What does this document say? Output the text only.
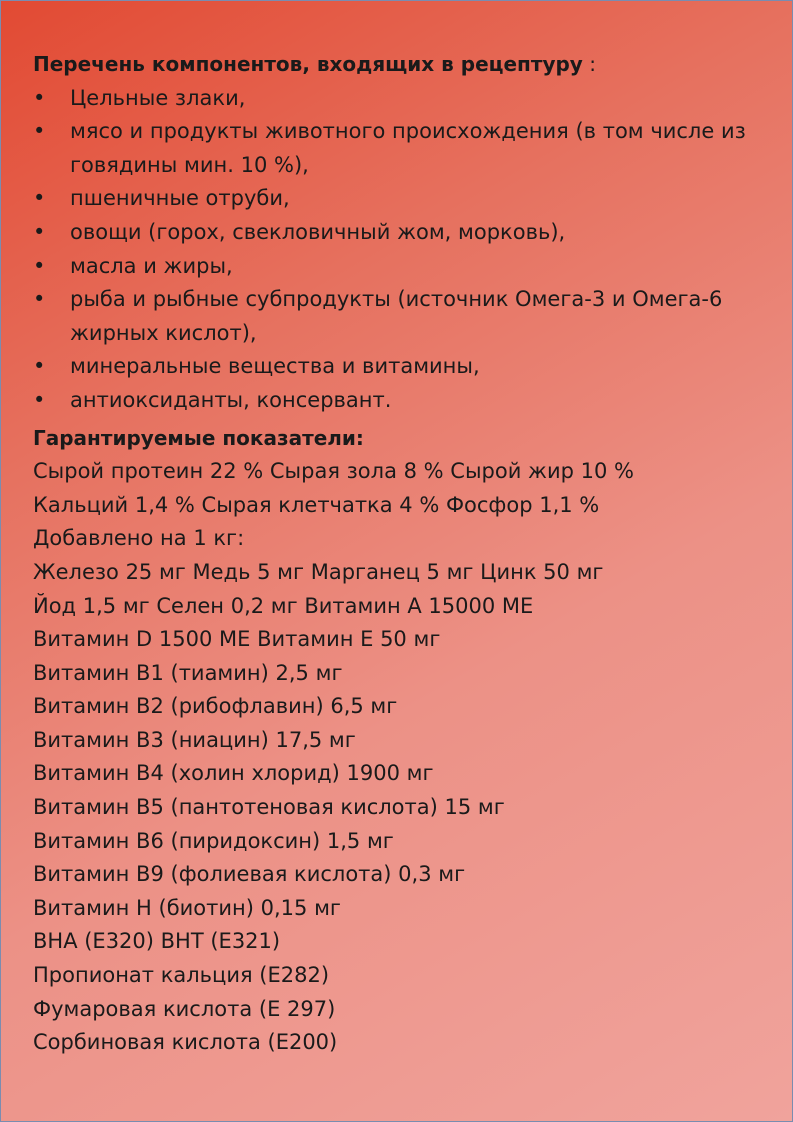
Перечень компонентов, входящих в рецептуру :

• Цельные злаки,
• мясо и продукты животного происхождения (в том числе из говядины мин. 10 %),
• пшеничные отруби,
• овощи (горох, свекловичный жом, морковь),
• масла и жиры,
• рыба и рыбные субпродукты (источник Омега-3 и Омега-6 жирных кислот),
• минеральные вещества и витамины,
• антиоксиданты, консервант.

Гарантируемые показатели:

Сырой протеин 22 % Сырая зола 8 % Сырой жир 10 %
Кальций 1,4 % Сырая клетчатка 4 % Фосфор 1,1 %
Добавлено на 1 кг:
Железо 25 мг Медь 5 мг Марганец 5 мг Цинк 50 мг
Йод 1,5 мг Селен 0,2 мг Витамин А 15000 МЕ
Витамин D 1500 МЕ Витамин Е 50 мг
Витамин В1 (тиамин) 2,5 мг
Витамин В2 (рибофлавин) 6,5 мг
Витамин В3 (ниацин) 17,5 мг
Витамин В4 (холин хлорид) 1900 мг
Витамин В5 (пантотеновая кислота) 15 мг
Витамин В6 (пиридоксин) 1,5 мг
Витамин В9 (фолиевая кислота) 0,3 мг
Витамин Н (биотин) 0,15 мг
ВНА (Е320) ВНТ (Е321)
Пропионат кальция (Е282)
Фумаровая кислота (Е 297)
Сорбиновая кислота (Е200)
